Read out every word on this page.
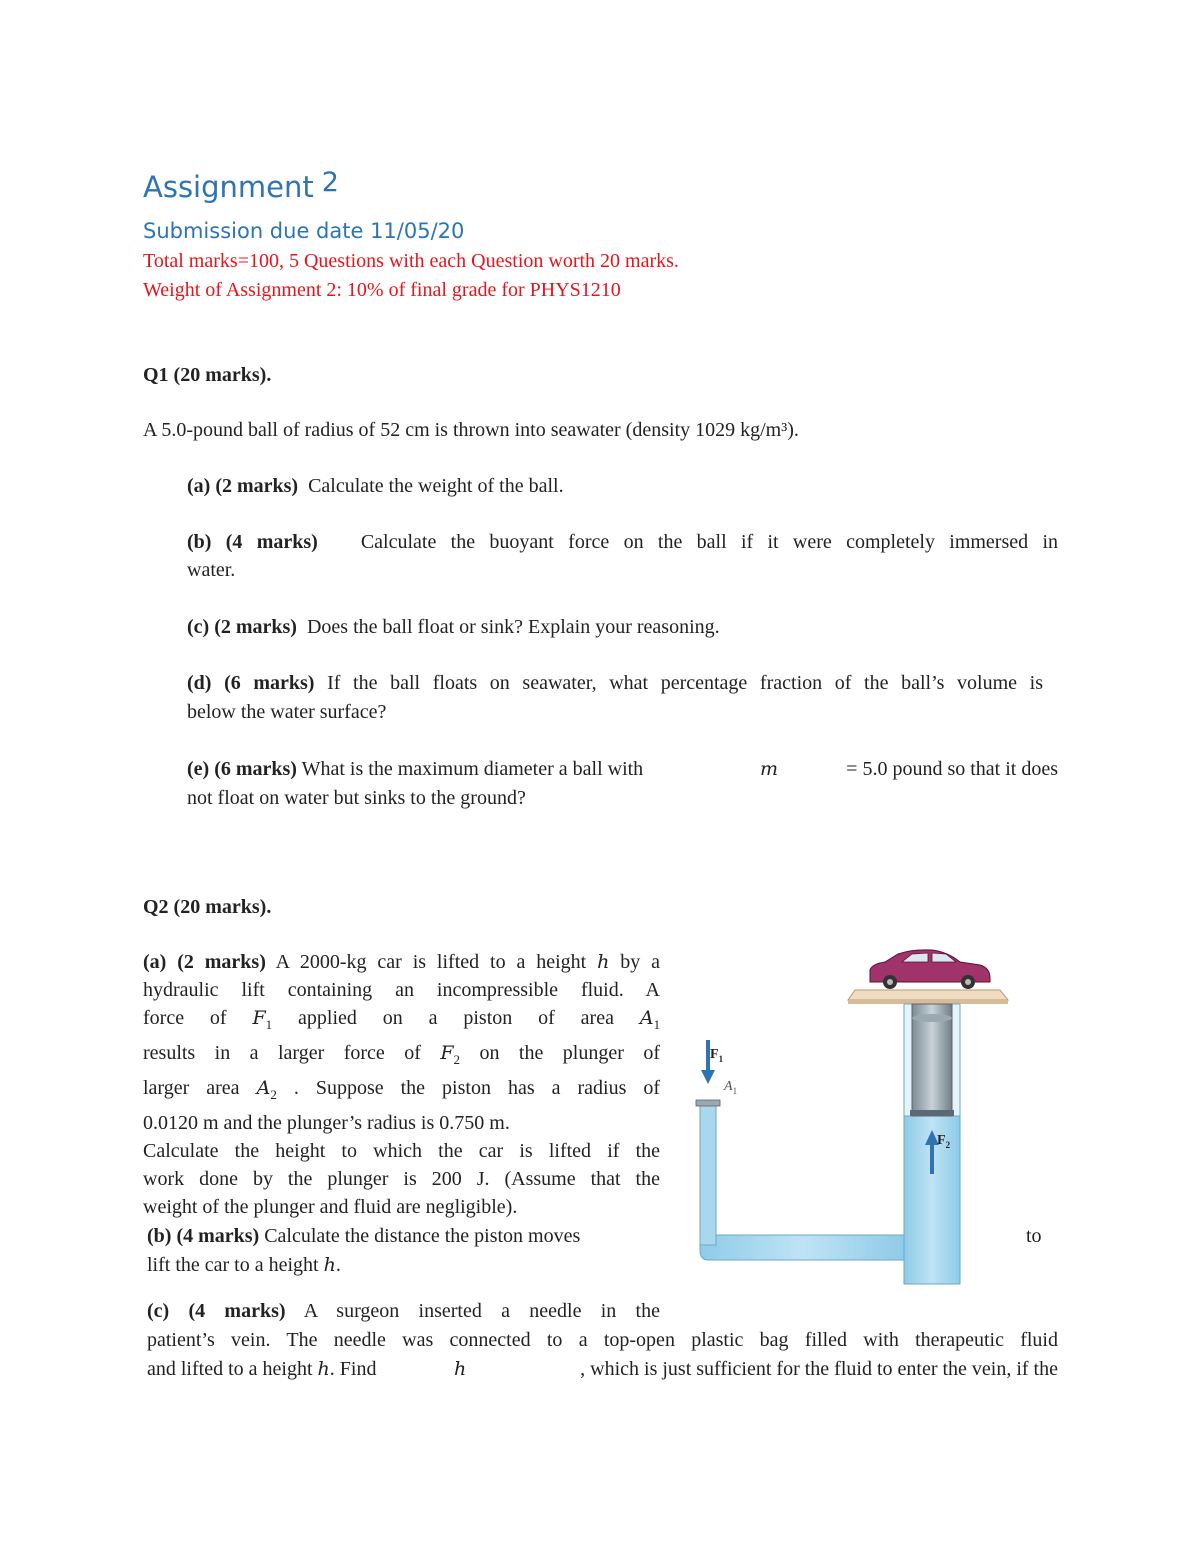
Assignment $^2$
Submission due date 11/05/20
Total marks=100, 5 Questions with each Question worth 20 marks.
Weight of Assignment 2: 10% of final grade for PHYS1210
Q1 (20 marks).
A 5.0-pound ball of radius of 52 cm is thrown into seawater (density 1029 kg/m³).
(a) (2 marks) Calculate the weight of the ball.
(b) (4 marks) Calculate the buoyant force on the ball if it were completely immersed in
water.
(c) (2 marks) Does the ball float or sink? Explain your reasoning.
(d) (6 marks) If the ball floats on seawater, what percentage fraction of the ball’s volume is
below the water surface?
(e) (6 marks) What is the maximum diameter a ball with	m	= 5.0 pound so that it does
not float on water but sinks to the ground?
Q2 (20 marks).
(a) (2 marks) A 2000-kg car is lifted to a height h by a
hydraulic lift containing an incompressible fluid. A
force of $F_1$ applied on a piston of area $A_1$
results in a larger force of $F_2$ on the plunger of
larger area $A_2$ . Suppose the piston has a radius of
0.0120 m and the plunger’s radius is 0.750 m.
Calculate the height to which the car is lifted if the
work done by the plunger is 200 J. (Assume that the
weight of the plunger and fluid are negligible).
(b) (4 marks) Calculate the distance the piston moves	to
lift the car to a height h.
(c) (4 marks) A surgeon inserted a needle in the
patient’s vein. The needle was connected to a top-open plastic bag filled with therapeutic fluid
and lifted to a height h. Find	h	, which is just sufficient for the fluid to enter the vein, if the
$F_1$
$A_1$
$F_2$
